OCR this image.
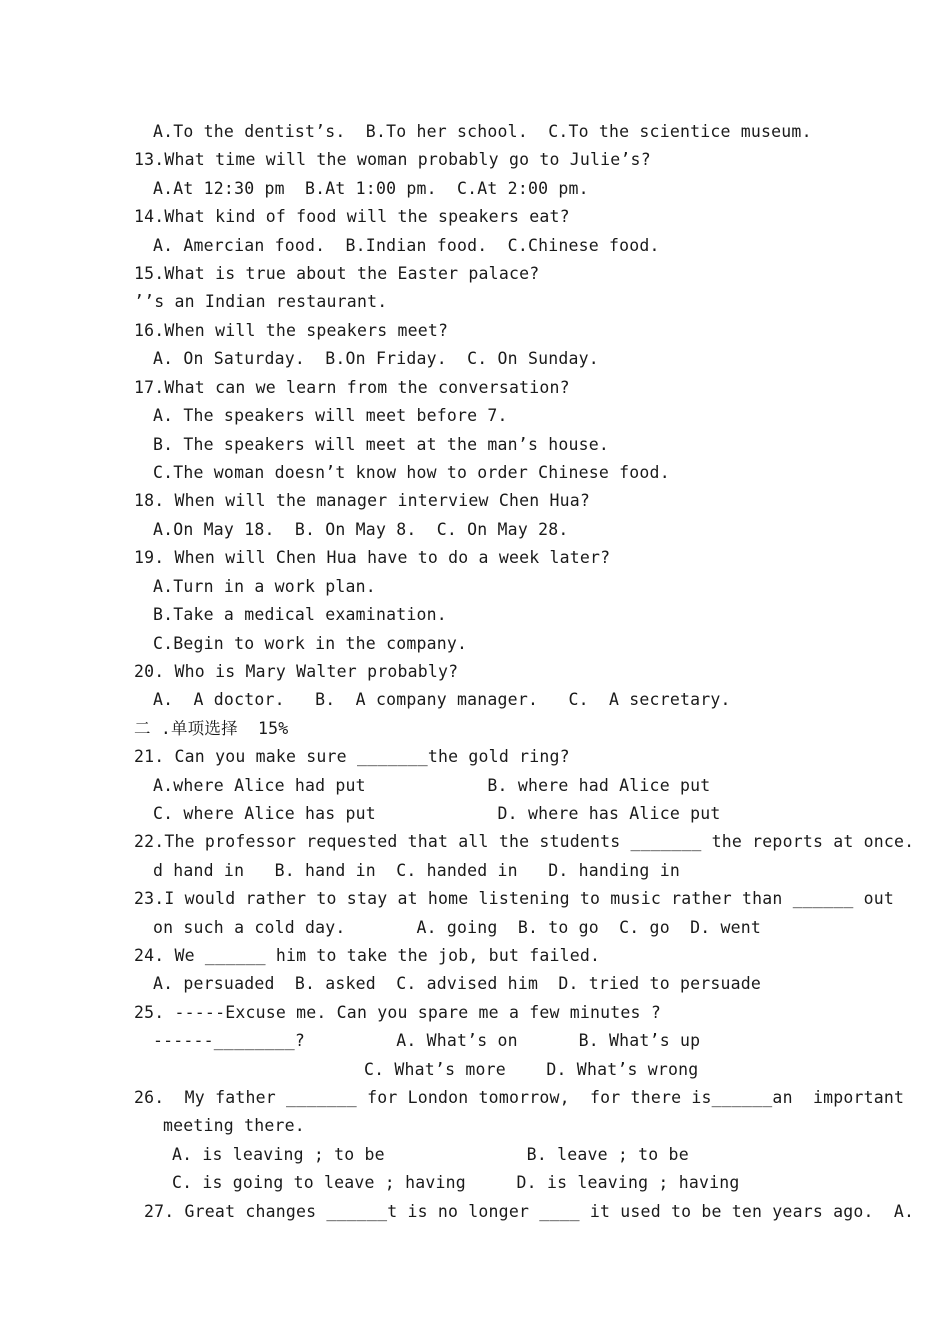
A.To the dentist’s.  B.To her school.  C.To the scientice museum.
13.What time will the woman probably go to Julie’s?
A.At 12:30 pm  B.At 1:00 pm.  C.At 2:00 pm.
14.What kind of food will the speakers eat?
A. Amercian food.  B.Indian food.  C.Chinese food.
15.What is true about the Easter palace?
’’s an Indian restaurant.
16.When will the speakers meet?
A. On Saturday.  B.On Friday.  C. On Sunday.
17.What can we learn from the conversation?
A. The speakers will meet before 7.
B. The speakers will meet at the man’s house.
C.The woman doesn’t know how to order Chinese food.
18. When will the manager interview Chen Hua?
A.On May 18.  B. On May 8.  C. On May 28.
19. When will Chen Hua have to do a week later?
A.Turn in a work plan.
B.Take a medical examination.
C.Begin to work in the company.
20. Who is Mary Walter probably?
A.  A doctor.   B.  A company manager.   C.  A secretary.
二 .单项选择  15%
21. Can you make sure _______the gold ring?
A.where Alice had put            B. where had Alice put
C. where Alice has put            D. where has Alice put
22.The professor requested that all the students _______ the reports at once.
d hand in   B. hand in  C. handed in   D. handing in
23.I would rather to stay at home listening to music rather than ______ out
on such a cold day.       A. going  B. to go  C. go  D. went
24. We ______ him to take the job, but failed.
A. persuaded  B. asked  C. advised him  D. tried to persuade
25. -----Excuse me. Can you spare me a few minutes ?
------________?         A. What’s on      B. What’s up
C. What’s more    D. What’s wrong
26.  My father _______ for London tomorrow,  for there is______an  important
meeting there.
A. is leaving ; to be              B. leave ; to be
C. is going to leave ; having     D. is leaving ; having
27. Great changes ______t is no longer ____ it used to be ten years ago.  A.
